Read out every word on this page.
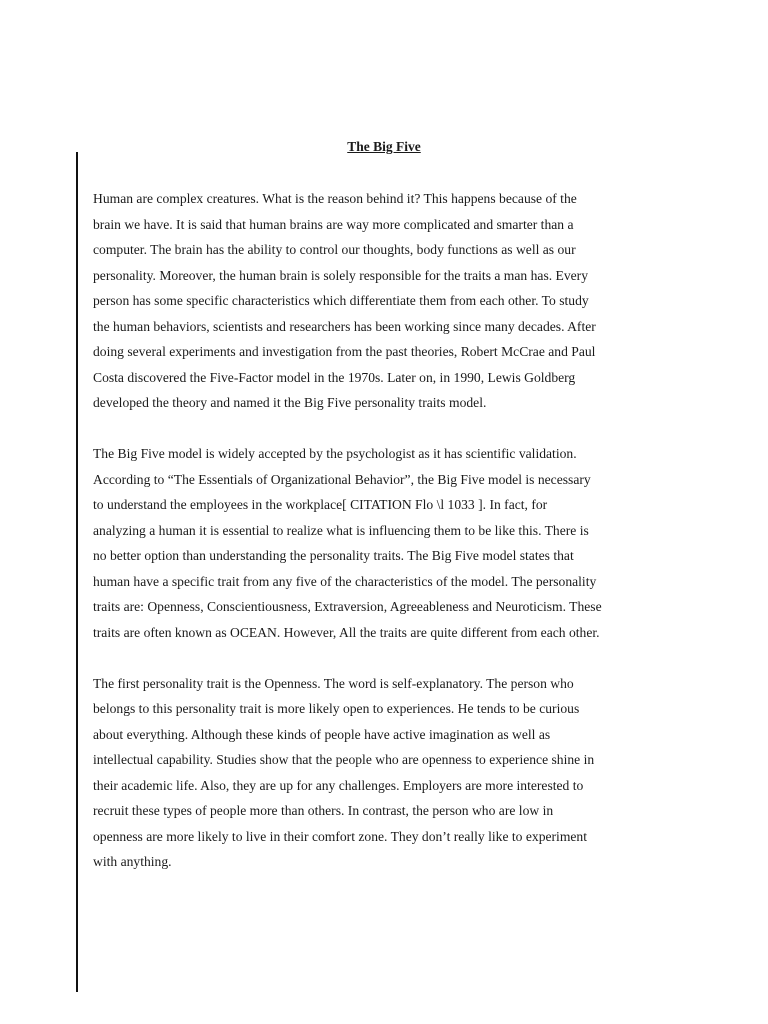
The Big Five

Human are complex creatures. What is the reason behind it? This happens because of the
brain we have. It is said that human brains are way more complicated and smarter than a
computer. The brain has the ability to control our thoughts, body functions as well as our
personality. Moreover, the human brain is solely responsible for the traits a man has. Every
person has some specific characteristics which differentiate them from each other. To study
the human behaviors, scientists and researchers has been working since many decades. After
doing several experiments and investigation from the past theories, Robert McCrae and Paul
Costa discovered the Five-Factor model in the 1970s. Later on, in 1990, Lewis Goldberg
developed the theory and named it the Big Five personality traits model.

The Big Five model is widely accepted by the psychologist as it has scientific validation.
According to “The Essentials of Organizational Behavior”, the Big Five model is necessary
to understand the employees in the workplace[ CITATION Flo \l 1033 ]. In fact, for
analyzing a human it is essential to realize what is influencing them to be like this. There is
no better option than understanding the personality traits. The Big Five model states that
human have a specific trait from any five of the characteristics of the model. The personality
traits are: Openness, Conscientiousness, Extraversion, Agreeableness and Neuroticism. These
traits are often known as OCEAN. However, All the traits are quite different from each other.

The first personality trait is the Openness. The word is self-explanatory. The person who
belongs to this personality trait is more likely open to experiences. He tends to be curious
about everything. Although these kinds of people have active imagination as well as
intellectual capability. Studies show that the people who are openness to experience shine in
their academic life. Also, they are up for any challenges. Employers are more interested to
recruit these types of people more than others. In contrast, the person who are low in
openness are more likely to live in their comfort zone. They don’t really like to experiment
with anything.
